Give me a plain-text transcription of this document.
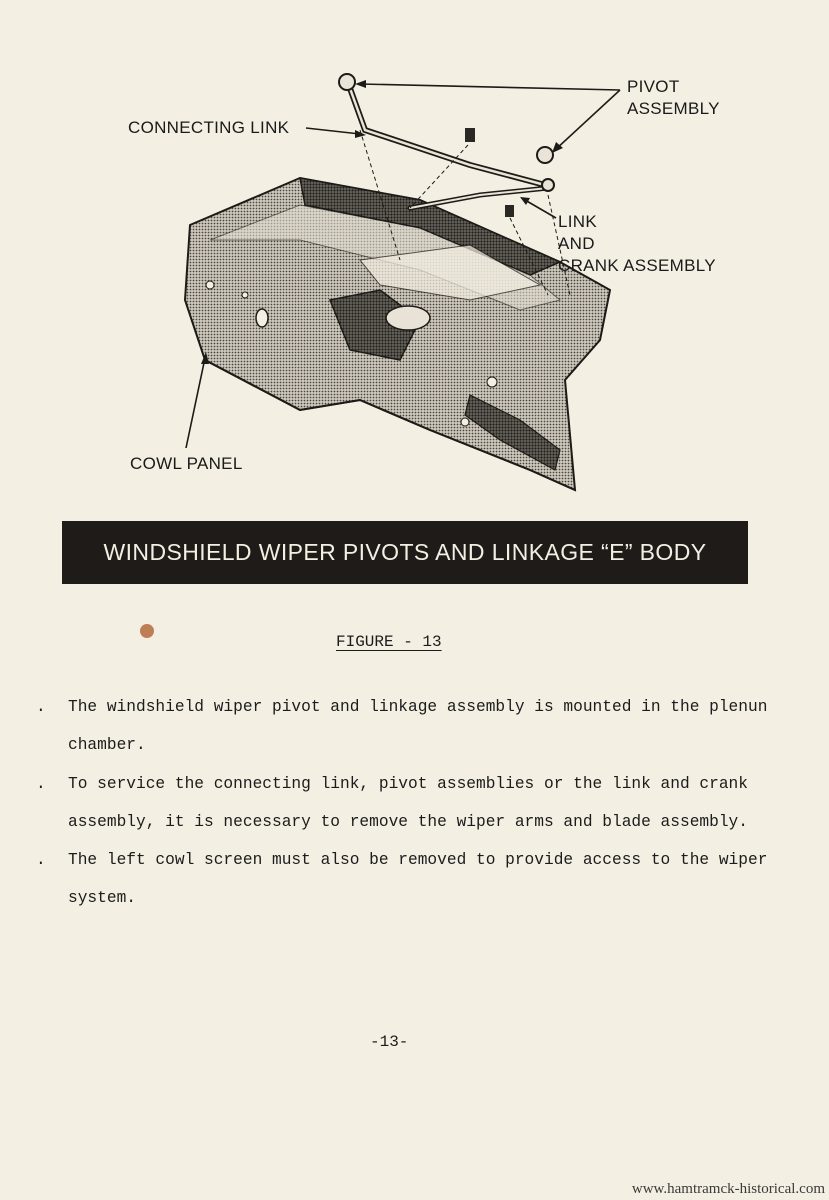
PIVOT
ASSEMBLY
CONNECTING LINK
LINK
AND
CRANK ASSEMBLY
COWL PANEL
WINDSHIELD WIPER PIVOTS AND LINKAGE “E” BODY
FIGURE - 13
.	The windshield wiper pivot and linkage assembly is mounted in the plenun chamber.
.	To service the connecting link, pivot assemblies or the link and crank assembly, it is necessary to remove the wiper arms and blade assembly.
.	The left cowl screen must also be removed to provide access to the wiper system.
-13-
www.hamtramck-historical.com
